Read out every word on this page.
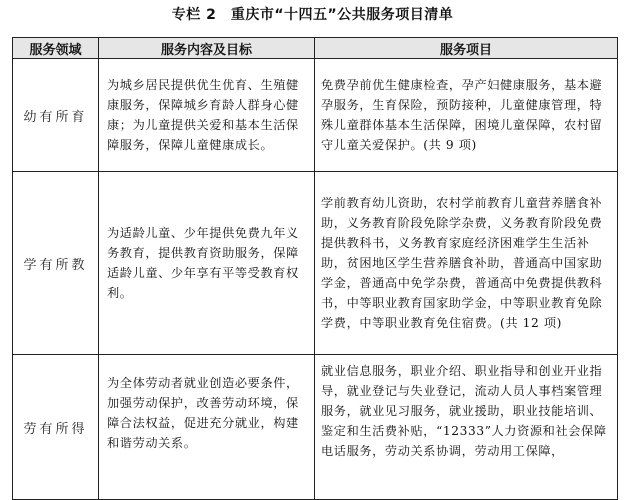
专栏 2　重庆市“十四五”公共服务项目清单
服务领域	服务内容及目标	服务项目
幼有所育	为城乡居民提供优生优育、生殖健康服务，保障城乡育龄人群身心健康；为儿童提供关爱和基本生活保障服务，保障儿童健康成长。	免费孕前优生健康检查，孕产妇健康服务，基本避孕服务，生育保险，预防接种，儿童健康管理，特殊儿童群体基本生活保障，困境儿童保障，农村留守儿童关爱保护。(共 9 项)
学有所教	为适龄儿童、少年提供免费九年义务教育，提供教育资助服务，保障适龄儿童、少年享有平等受教育权利。	学前教育幼儿资助，农村学前教育儿童营养膳食补助，义务教育阶段免除学杂费，义务教育阶段免费提供教科书，义务教育家庭经济困难学生生活补助，贫困地区学生营养膳食补助，普通高中国家助学金，普通高中免学杂费，普通高中免费提供教科书，中等职业教育国家助学金，中等职业教育免除学费，中等职业教育免住宿费。(共 12 项)
劳有所得	为全体劳动者就业创造必要条件，加强劳动保护，改善劳动环境，保障合法权益，促进充分就业，构建和谐劳动关系。	就业信息服务，职业介绍、职业指导和创业开业指导，就业登记与失业登记，流动人员人事档案管理服务，就业见习服务，就业援助，职业技能培训、鉴定和生活费补贴，“12333”人力资源和社会保障电话服务，劳动关系协调，劳动用工保障，
